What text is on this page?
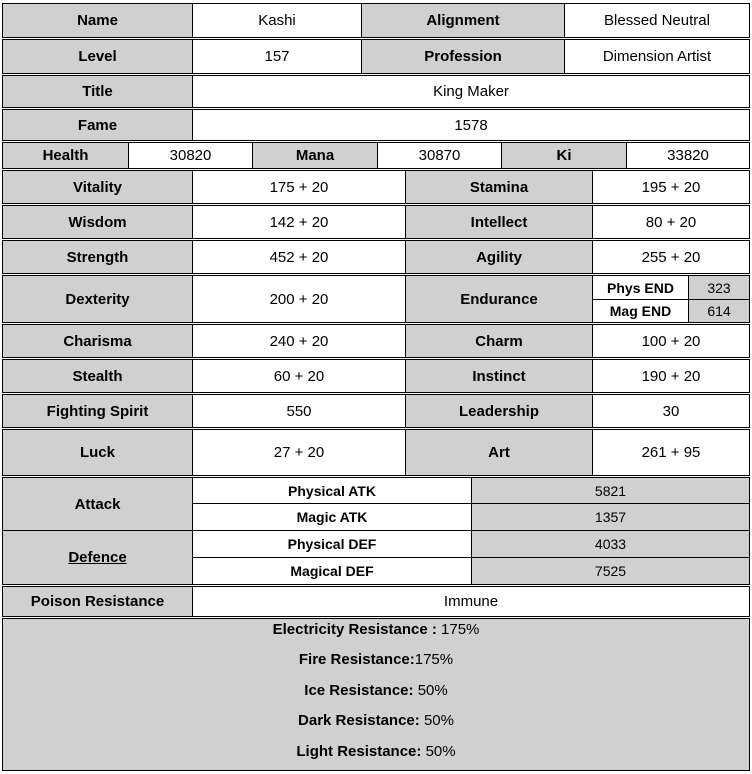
Name	Kashi	Alignment	Blessed Neutral
Level	157	Profession	Dimension Artist
Title	King Maker
Fame	1578
Health	30820	Mana	30870	Ki	33820
Vitality	175 + 20	Stamina	195 + 20
Wisdom	142 + 20	Intellect	80 + 20
Strength	452 + 20	Agility	255 + 20
Dexterity	200 + 20	Endurance
Phys END	323
Mag END	614
Charisma	240 + 20	Charm	100 + 20
Stealth	60 + 20	Instinct	190 + 20
Fighting Spirit	550	Leadership	30
Luck	27 + 20	Art	261 + 95
Attack
Physical ATK	5821
Magic ATK	1357
Defence
Physical DEF	4033
Magical DEF	7525
Poison Resistance	Immune
Electricity Resistance : 175%
Fire Resistance:175%
Ice Resistance: 50%
Dark Resistance: 50%
Light Resistance: 50%
